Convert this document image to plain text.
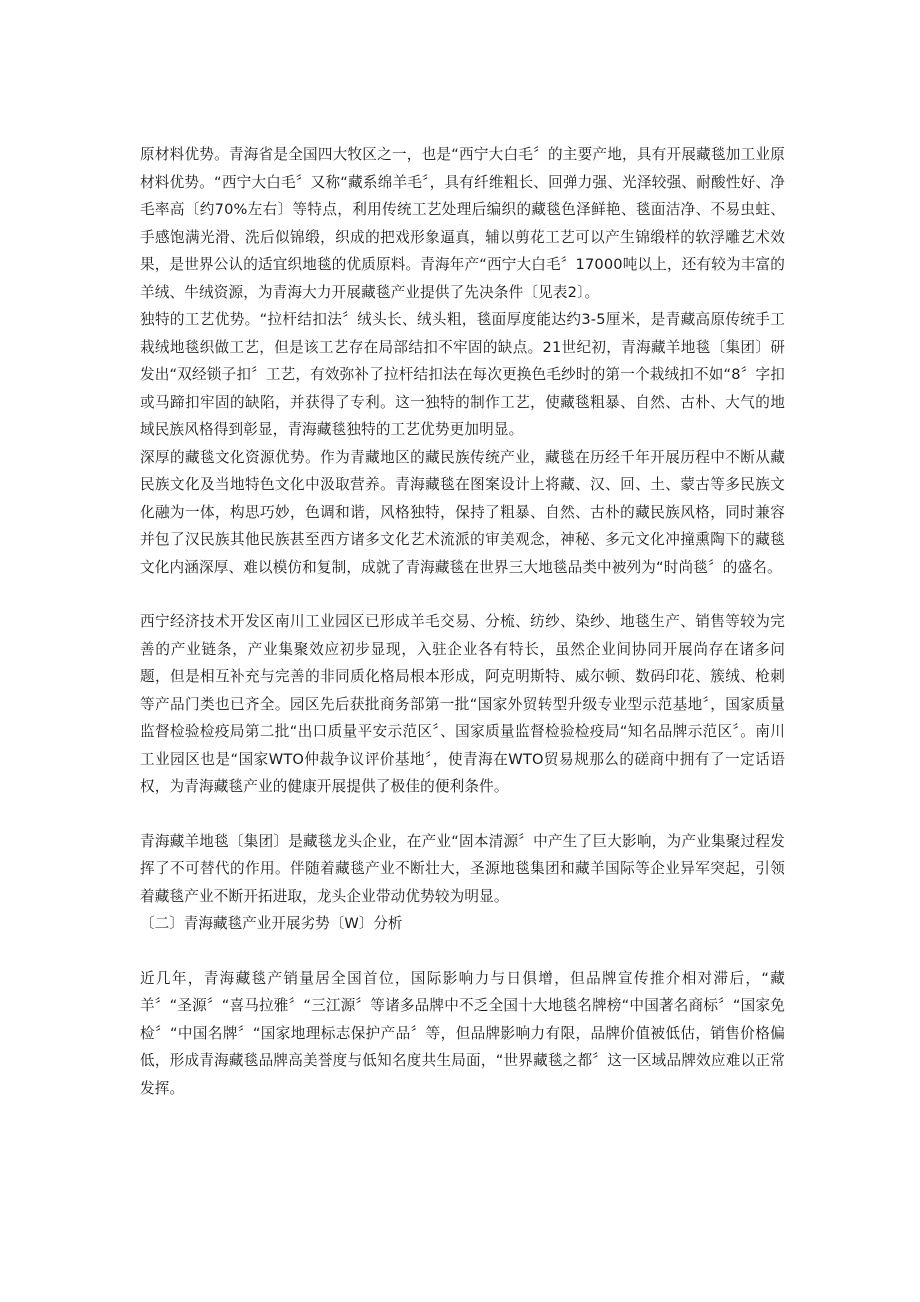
原材料优势。青海省是全国四大牧区之一，也是“西宁大白毛〞的主要产地，具有开展藏毯加工业原材料优势。“西宁大白毛〞又称“藏系绵羊毛〞，具有纤维粗长、回弹力强、光泽较强、耐酸性好、净毛率高〔约70%左右〕等特点，利用传统工艺处理后编织的藏毯色泽鲜艳、毯面洁净、不易虫蛀、手感饱满光滑、洗后似锦缎，织成的把戏形象逼真，辅以剪花工艺可以产生锦缎样的软浮雕艺术效果，是世界公认的适宜织地毯的优质原料。青海年产“西宁大白毛〞17000吨以上，还有较为丰富的羊绒、牛绒资源，为青海大力开展藏毯产业提供了先决条件〔见表2〕。

独特的工艺优势。“拉杆结扣法〞绒头长、绒头粗，毯面厚度能达约3-5厘米，是青藏高原传统手工栽绒地毯织做工艺，但是该工艺存在局部结扣不牢固的缺点。21世纪初，青海藏羊地毯〔集团〕研发出“双经锁子扣〞工艺，有效弥补了拉杆结扣法在每次更换色毛纱时的第一个栽绒扣不如“8〞字扣或马蹄扣牢固的缺陷，并获得了专利。这一独特的制作工艺，使藏毯粗暴、自然、古朴、大气的地域民族风格得到彰显，青海藏毯独特的工艺优势更加明显。

深厚的藏毯文化资源优势。作为青藏地区的藏民族传统产业，藏毯在历经千年开展历程中不断从藏民族文化及当地特色文化中汲取营养。青海藏毯在图案设计上将藏、汉、回、土、蒙古等多民族文化融为一体，构思巧妙，色调和谐，风格独特，保持了粗暴、自然、古朴的藏民族风格，同时兼容并包了汉民族其他民族甚至西方诸多文化艺术流派的审美观念，神秘、多元文化冲撞熏陶下的藏毯文化内涵深厚、难以模仿和复制，成就了青海藏毯在世界三大地毯品类中被列为“时尚毯〞的盛名。

西宁经济技术开发区南川工业园区已形成羊毛交易、分梳、纺纱、染纱、地毯生产、销售等较为完善的产业链条，产业集聚效应初步显现，入驻企业各有特长，虽然企业间协同开展尚存在诸多问题，但是相互补充与完善的非同质化格局根本形成，阿克明斯特、威尔顿、数码印花、簇绒、枪刺等产品门类也已齐全。园区先后获批商务部第一批“国家外贸转型升级专业型示范基地〞，国家质量监督检验检疫局第二批“出口质量平安示范区〞、国家质量监督检验检疫局“知名品牌示范区〞。南川工业园区也是“国家WTO仲裁争议评价基地〞，使青海在WTO贸易规那么的磋商中拥有了一定话语权，为青海藏毯产业的健康开展提供了极佳的便利条件。

青海藏羊地毯〔集团〕是藏毯龙头企业，在产业“固本清源〞中产生了巨大影响，为产业集聚过程发挥了不可替代的作用。伴随着藏毯产业不断壮大，圣源地毯集团和藏羊国际等企业异军突起，引领着藏毯产业不断开拓进取，龙头企业带动优势较为明显。

〔二〕青海藏毯产业开展劣势〔W〕分析

近几年，青海藏毯产销量居全国首位，国际影响力与日俱增，但品牌宣传推介相对滞后，“藏羊〞“圣源〞“喜马拉雅〞“三江源〞等诸多品牌中不乏全国十大地毯名牌榜“中国著名商标〞“国家免检〞“中国名牌〞“国家地理标志保护产品〞等，但品牌影响力有限，品牌价值被低估，销售价格偏低，形成青海藏毯品牌高美誉度与低知名度共生局面，“世界藏毯之都〞这一区域品牌效应难以正常发挥。
